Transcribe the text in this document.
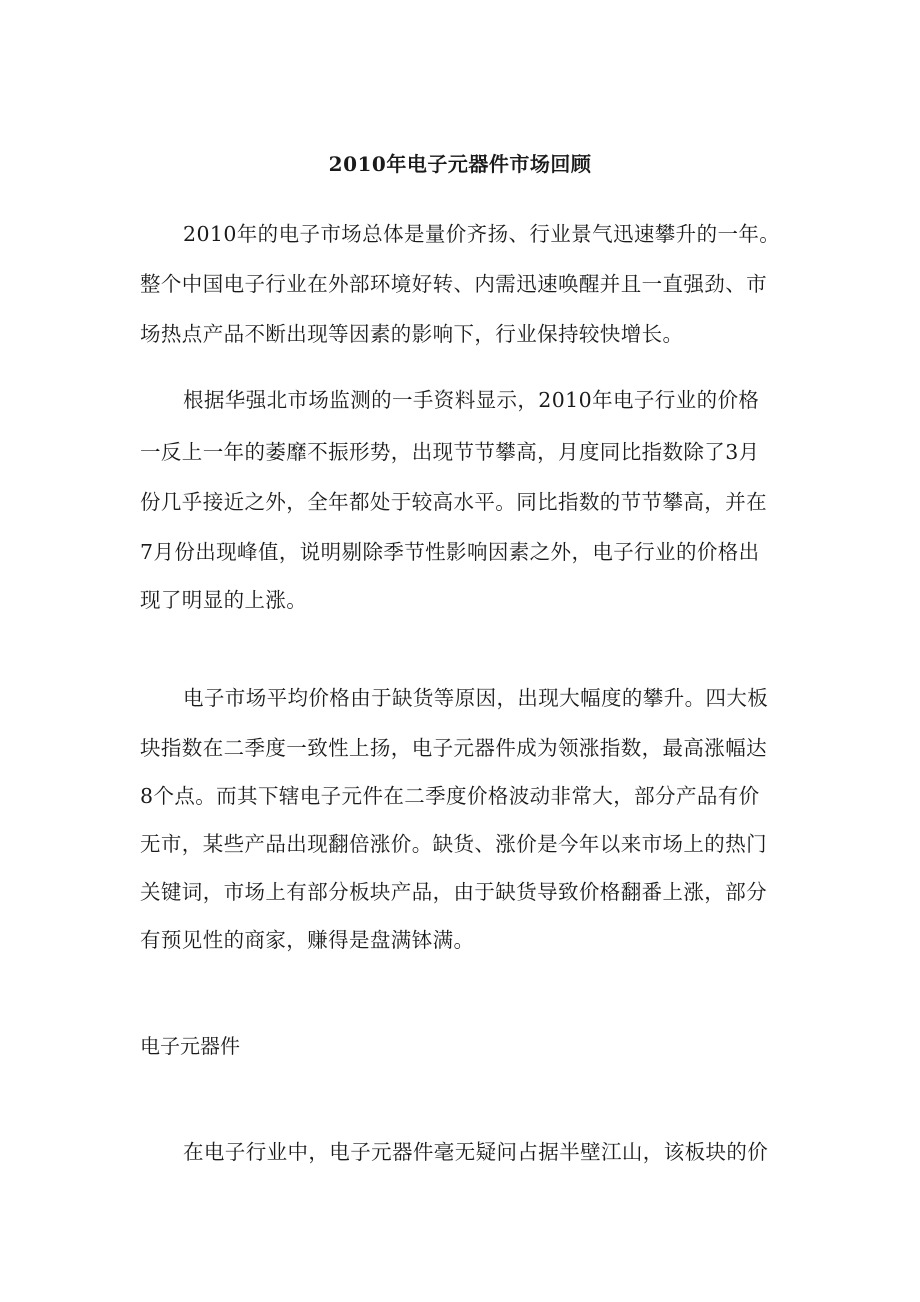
2010年电子元器件市场回顾
2010年的电子市场总体是量价齐扬、行业景气迅速攀升的一年。
整个中国电子行业在外部环境好转、内需迅速唤醒并且一直强劲、市
场热点产品不断出现等因素的影响下，行业保持较快增长。
根据华强北市场监测的一手资料显示，2010年电子行业的价格
一反上一年的萎靡不振形势，出现节节攀高，月度同比指数除了3月
份几乎接近之外，全年都处于较高水平。同比指数的节节攀高，并在
7月份出现峰值，说明剔除季节性影响因素之外，电子行业的价格出
现了明显的上涨。
电子市场平均价格由于缺货等原因，出现大幅度的攀升。四大板
块指数在二季度一致性上扬，电子元器件成为领涨指数，最高涨幅达
8个点。而其下辖电子元件在二季度价格波动非常大，部分产品有价
无市，某些产品出现翻倍涨价。缺货、涨价是今年以来市场上的热门
关键词，市场上有部分板块产品，由于缺货导致价格翻番上涨，部分
有预见性的商家，赚得是盘满钵满。
电子元器件
在电子行业中，电子元器件毫无疑问占据半壁江山，该板块的价
